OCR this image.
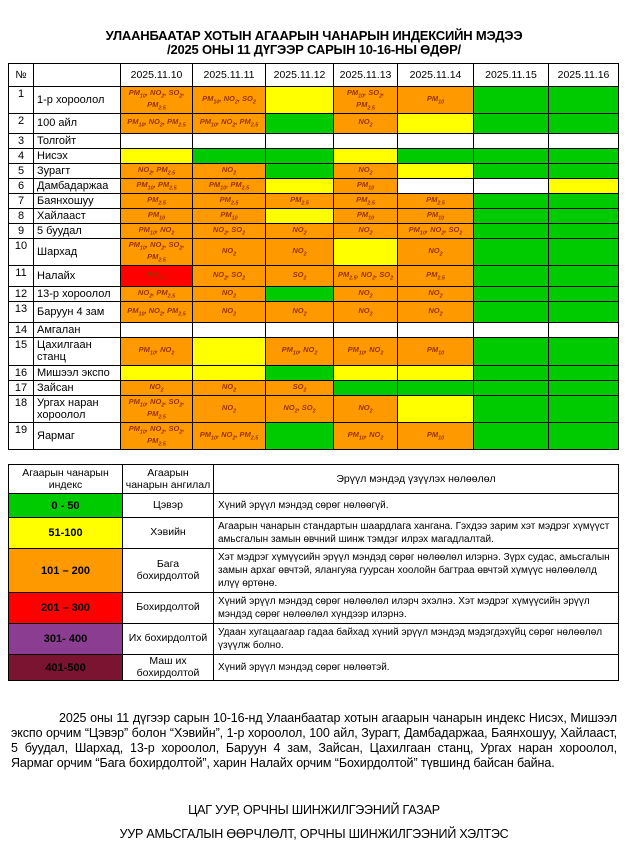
УЛААНБААТАР ХОТЫН АГААРЫН ЧАНАРЫН ИНДЕКСИЙН МЭДЭЭ
/2025 ОНЫ 11 ДҮГЭЭР САРЫН 10-16-НЫ ӨДӨР/
№		2025.11.10	2025.11.11	2025.11.12	2025.11.13	2025.11.14	2025.11.15	2025.11.16
1	1-р хороолол	$PM_{10}$, $NO_2$, $SO_2$, $PM_{2.5}$	$PM_{10}$, $NO_2$, $SO_2$		$PM_{10}$, $SO_2$, $PM_{2.5}$	$PM_{10}$		
2	100 айл	$PM_{10}$, $NO_2$, $PM_{2.5}$	$PM_{10}$, $NO_2$, $PM_{2.5}$		$NO_2$			
3	Толгойт							
4	Нисэх							
5	Зурагт	$NO_2$, $PM_{2.5}$	$NO_2$		$NO_2$			
6	Дамбадаржаа	$PM_{10}$, $PM_{2.5}$	$PM_{10}$, $PM_{2.5}$		$PM_{10}$			
7	Баянхошуу	$PM_{2.5}$	$PM_{2.5}$	$PM_{2.5}$	$PM_{2.5}$	$PM_{2.5}$		
8	Хайлааст	$PM_{10}$	$PM_{10}$		$PM_{10}$	$PM_{10}$		
9	5 буудал	$PM_{10}$, $NO_2$	$NO_2$, $SO_2$	$NO_2$	$NO_2$	$PM_{10}$, $NO_2$, $SO_2$		
10	Шархад	$PM_{10}$, $NO_2$, $SO_2$, $PM_{2.5}$	$NO_2$	$NO_2$		$NO_2$		
11	Налайх	$PM_{2.5}$	$NO_2$, $SO_2$	$SO_2$	$PM_{2.5}$, $NO_2$, $SO_2$	$PM_{2.5}$		
12	13-р хороолол	$NO_2$, $PM_{2.5}$	$NO_2$		$NO_2$	$NO_2$		
13	Баруун 4 зам	$PM_{10}$, $NO_2$, $PM_{2.5}$	$NO_2$	$NO_2$	$NO_2$	$NO_2$		
14	Амгалан							
15	Цахилгаан станц	$PM_{10}$, $NO_2$		$PM_{10}$, $NO_2$	$PM_{10}$, $NO_2$	$PM_{10}$		
16	Мишээл экспо							
17	Зайсан	$NO_2$	$NO_2$	$SO_2$				
18	Ургах наран хороолол	$PM_{10}$, $NO_2$, $SO_2$, $PM_{2.5}$	$NO_2$	$NO_2$, $SO_2$	$NO_2$			
19	Яармаг	$PM_{10}$, $NO_2$, $SO_2$, $PM_{2.5}$	$PM_{10}$, $NO_2$, $PM_{2.5}$		$PM_{10}$, $NO_2$	$PM_{10}$		
Агаарын чанарын индекс	Агаарын чанарын ангилал	Эрүүл мэндэд үзүүлэх нөлөөлөл
0 - 50	Цэвэр	Хүний эрүүл мэндэд сөрөг нөлөөгүй.
51-100	Хэвийн	Агаарын чанарын стандартын шаардлага хангана. Гэхдээ зарим хэт мэдрэг хүмүүст амьсгалын замын өвчний шинж тэмдэг илрэх магадлалтай.
101 – 200	Бага бохирдолтой	Хэт мэдрэг хүмүүсийн эрүүл мэндэд сөрөг нөлөөлөл илэрнэ. Зүрх судас, амьсгалын замын архаг өвчтэй, ялангуяа гуурсан хоолойн багтраа өвчтэй хүмүүс нөлөөлөлд илүү өртөнө.
201 – 300	Бохирдолтой	Хүний эрүүл мэндэд сөрөг нөлөөлөл илэрч эхэлнэ. Хэт мэдрэг хүмүүсийн эрүүл мэндэд сөрөг нөлөөлөл хүндээр илэрнэ.
301- 400	Их бохирдолтой	Удаан хугацаагаар гадаа байхад хүний эрүүл мэндэд мэдэгдэхүйц сөрөг нөлөөлөл үзүүлж болно.
401-500	Маш их бохирдолтой	Хүний эрүүл мэндэд сөрөг нөлөөтэй.

2025 оны 11 дүгээр сарын 10-16-нд Улаанбаатар хотын агаарын чанарын индекс Нисэх, Мишээл экспо орчим “Цэвэр” болон “Хэвийн”, 1-р хороолол, 100 айл, Зурагт, Дамбадаржаа, Баянхошуу, Хайлааст, 5 буудал, Шархад, 13-р хороолол, Баруун 4 зам, Зайсан, Цахилгаан станц, Ургах наран хороолол, Яармаг орчим “Бага бохирдолтой”, харин Налайх орчим “Бохирдолтой” түвшинд байсан байна.

ЦАГ УУР, ОРЧНЫ ШИНЖИЛГЭЭНИЙ ГАЗАР
УУР АМЬСГАЛЫН ӨӨРЧЛӨЛТ, ОРЧНЫ ШИНЖИЛГЭЭНИЙ ХЭЛТЭС
